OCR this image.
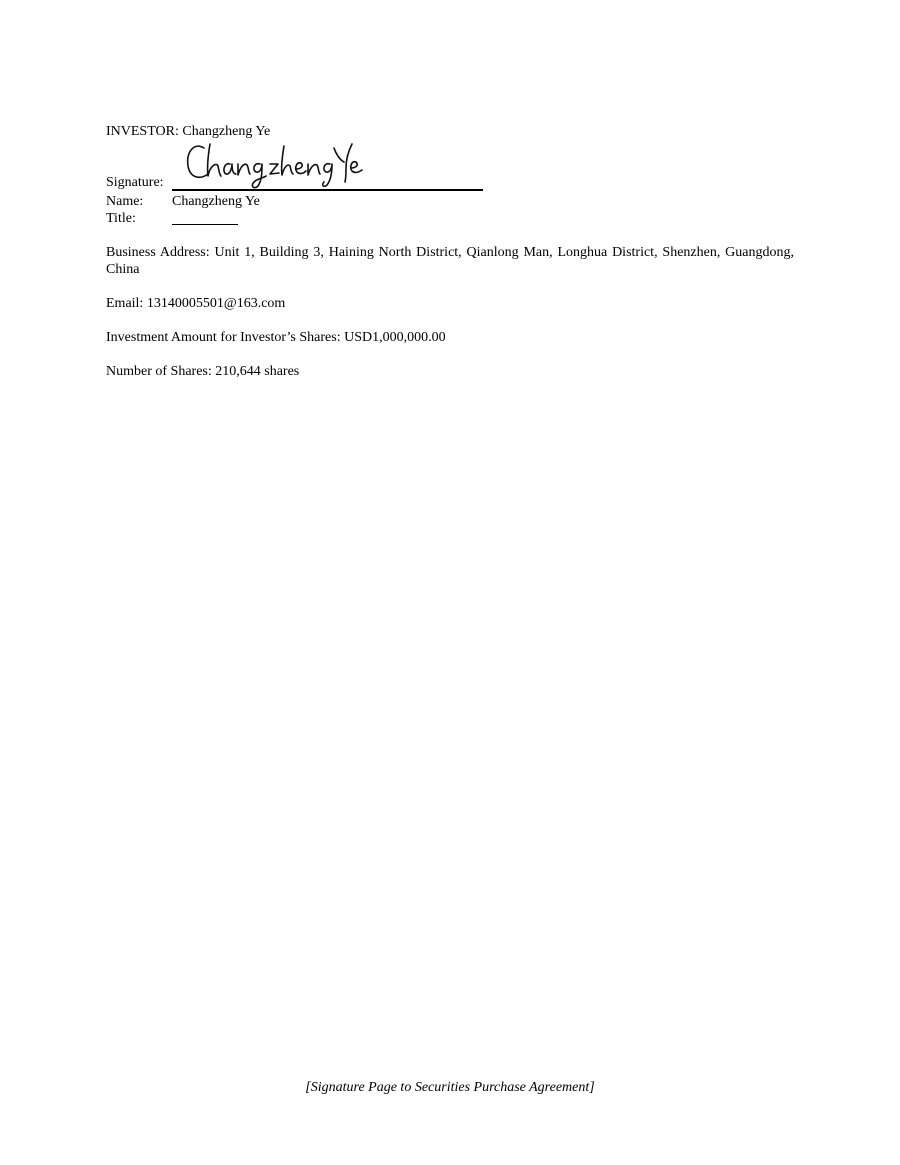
INVESTOR: Changzheng Ye
Signature:
Name: Changzheng Ye
Title:
Business Address: Unit 1, Building 3, Haining North District, Qianlong Man, Longhua District, Shenzhen, Guangdong, China
Email: 13140005501@163.com
Investment Amount for Investor’s Shares: USD1,000,000.00
Number of Shares: 210,644 shares
[Signature Page to Securities Purchase Agreement]
